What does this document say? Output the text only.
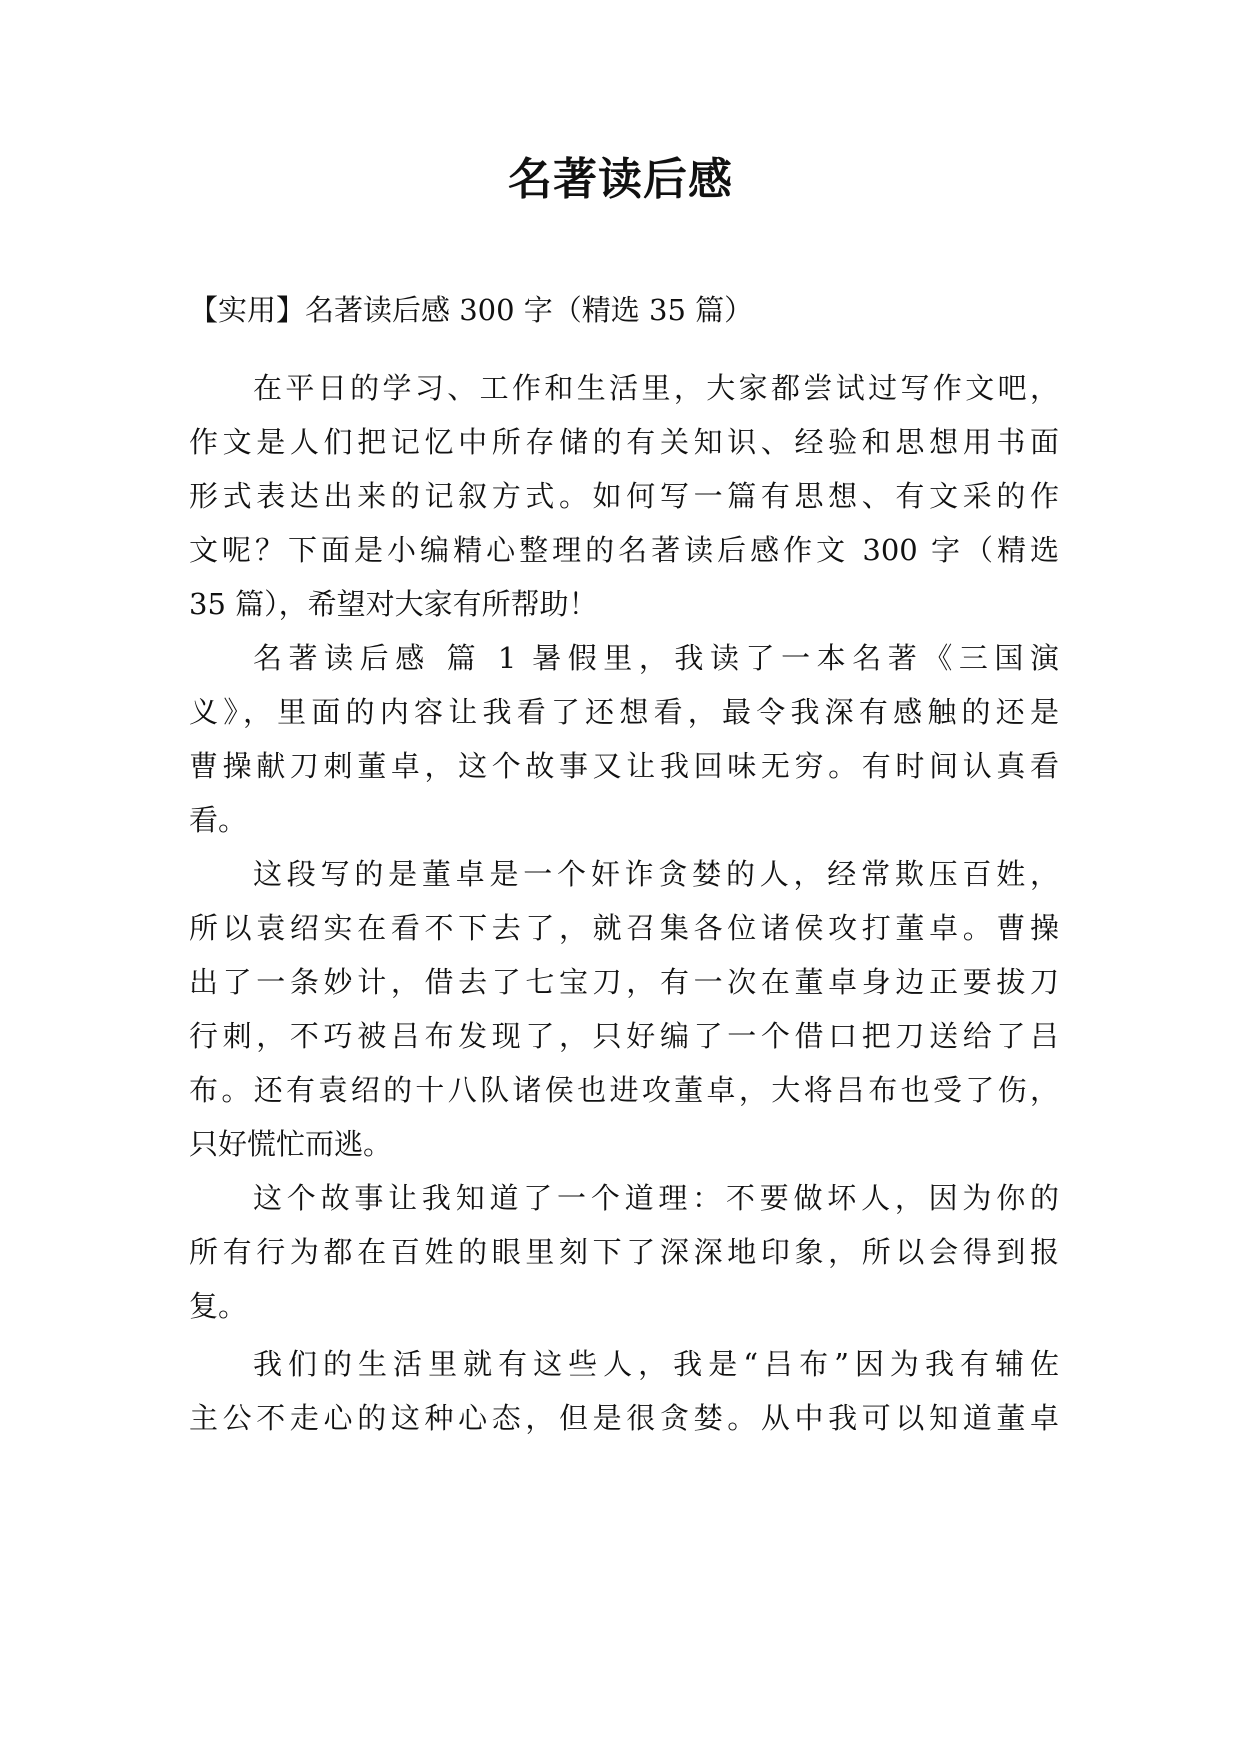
名著读后感
【实用】名著读后感 300 字（精选 35 篇）
在平日的学习、工作和生活里，大家都尝试过写作文吧，
作文是人们把记忆中所存储的有关知识、经验和思想用书面
形式表达出来的记叙方式。如何写一篇有思想、有文采的作
文呢？下面是小编精心整理的名著读后感作文 300 字（精选
35 篇），希望对大家有所帮助！
名著读后感 篇 1 暑假里，我读了一本名著《三国演
义》，里面的内容让我看了还想看，最令我深有感触的还是
曹操献刀刺董卓，这个故事又让我回味无穷。有时间认真看
看。
这段写的是董卓是一个奸诈贪婪的人，经常欺压百姓，
所以袁绍实在看不下去了，就召集各位诸侯攻打董卓。曹操
出了一条妙计，借去了七宝刀，有一次在董卓身边正要拔刀
行刺，不巧被吕布发现了，只好编了一个借口把刀送给了吕
布。还有袁绍的十八队诸侯也进攻董卓，大将吕布也受了伤，
只好慌忙而逃。
这个故事让我知道了一个道理：不要做坏人，因为你的
所有行为都在百姓的眼里刻下了深深地印象，所以会得到报
复。
我们的生活里就有这些人，我是“吕布”因为我有辅佐
主公不走心的这种心态，但是很贪婪。从中我可以知道董卓
